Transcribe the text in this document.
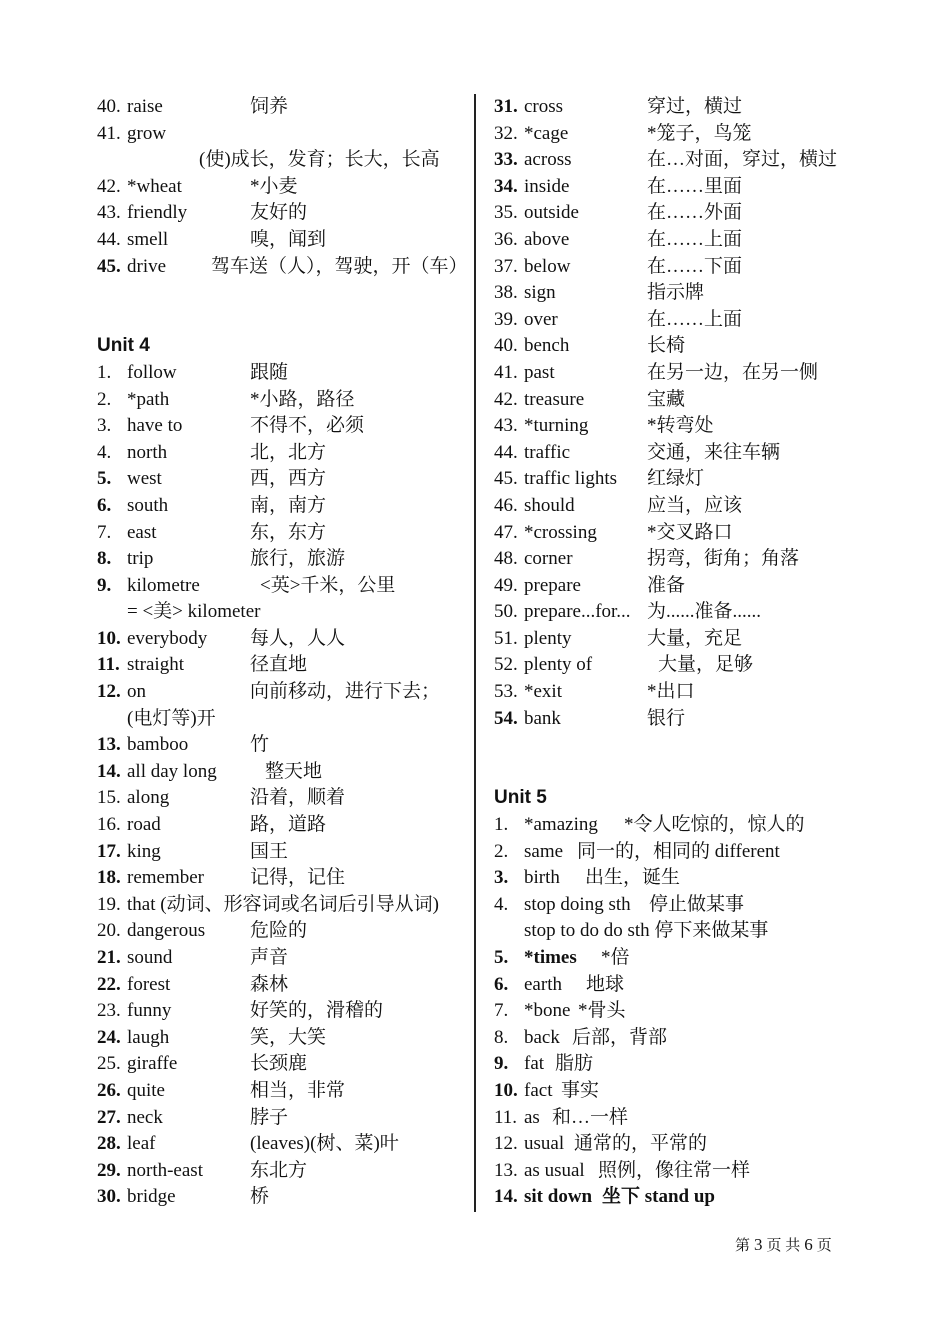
40. raise	饲养
41. grow
(使)成长，发育；长大，长高
42. *wheat	*小麦
43. friendly	友好的
44. smell	嗅，闻到
45. drive 驾车送（人），驾驶，开（车）
Unit 4
1. follow	跟随
2. *path	*小路，路径
3. have to	不得不，必须
4. north	北，北方
5. west	西，西方
6. south	南，南方
7. east	东，东方
8. trip	旅行，旅游
9. kilometre	<英>千米，公里
= <美> kilometer
10. everybody 每人，人人
11. straight	径直地
12. on	向前移动，进行下去；
(电灯等)开
13. bamboo	竹
14. all day long	整天地
15. along	沿着，顺着
16. road	路，道路
17. king	国王
18. remember 记得，记住
19. that (动词、形容词或名词后引导从词)
20. dangerous 危险的
21. sound	声音
22. forest	森林
23. funny	好笑的，滑稽的
24. laugh	笑，大笑
25. giraffe	长颈鹿
26. quite	相当，非常
27. neck	脖子
28. leaf	(leaves)(树、菜)叶
29. north-east 东北方
30. bridge	桥
31. cross	穿过，横过
32. *cage	*笼子，鸟笼
33. across	在…对面，穿过，横过
34. inside	在……里面
35. outside	在……外面
36. above	在……上面
37. below	在……下面
38. sign	指示牌
39. over	在……上面
40. bench	长椅
41. past	在另一边，在另一侧
42. treasure	宝藏
43. *turning	*转弯处
44. traffic	交通，来往车辆
45. traffic lights 红绿灯
46. should	应当，应该
47. *crossing	*交叉路口
48. corner	拐弯，街角；角落
49. prepare	准备
50. prepare...for... 为......准备......
51. plenty	大量，充足
52. plenty of	大量，足够
53. *exit	*出口
54. bank	银行
Unit 5
1. *amazing *令人吃惊的，惊人的
2. same 同一的，相同的 different
3. birth 出生，诞生
4. stop doing sth 停止做某事
stop to do do sth 停下来做某事
5. *times *倍
6. earth 地球
7. *bone *骨头
8. back 后部，背部
9. fat 脂肪
10. fact 事实
11. as 和…一样
12. usual 通常的，平常的
13. as usual 照例，像往常一样
14. sit down 坐下 stand up
第 3 页 共 6 页
